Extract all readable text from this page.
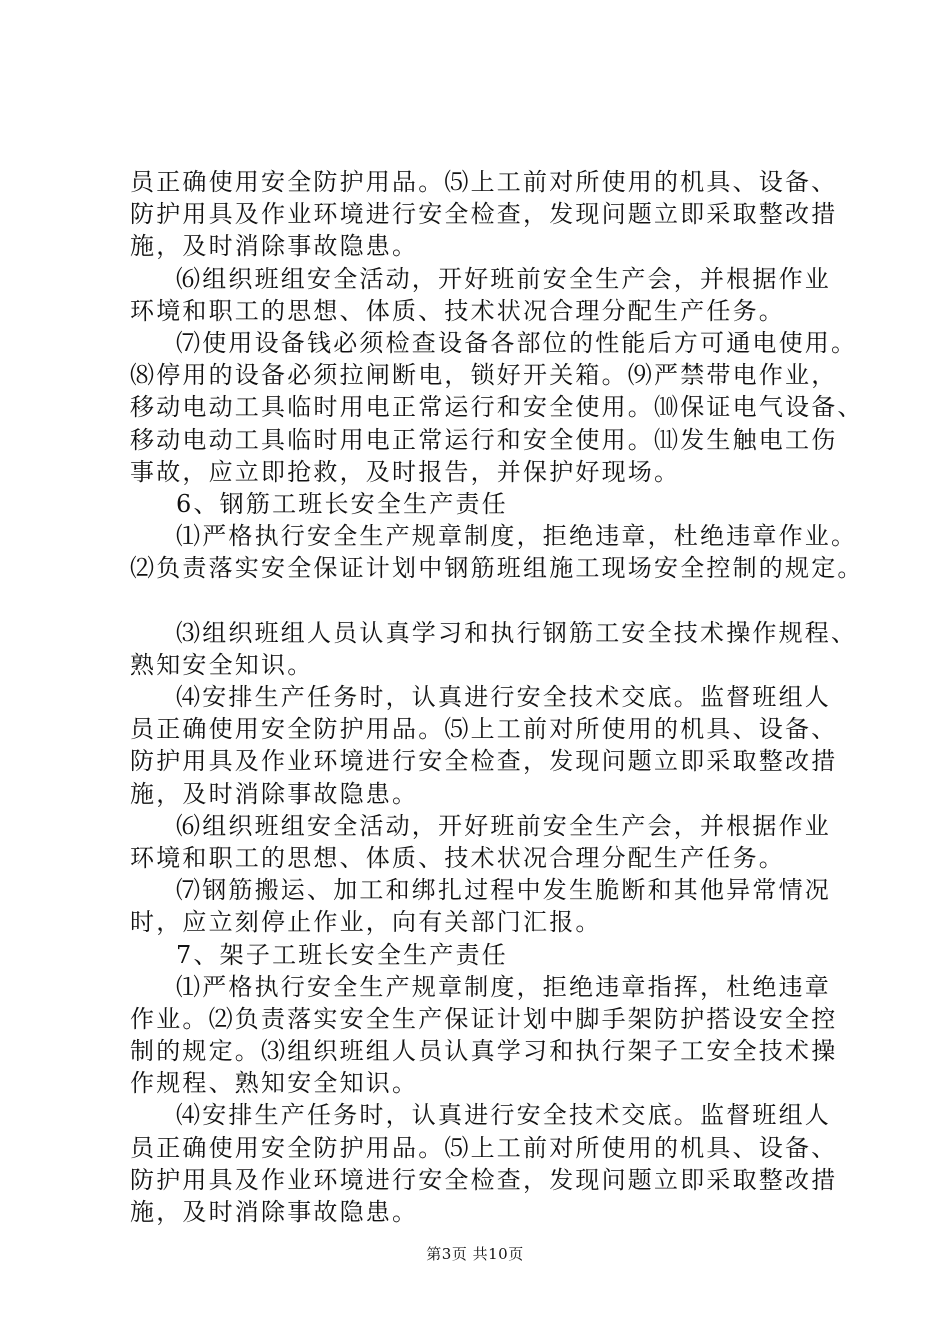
员正确使用安全防护用品。⑸上工前对所使用的机具、设备、
防护用具及作业环境进行安全检查，发现问题立即采取整改措
施，及时消除事故隐患。
⑹组织班组安全活动，开好班前安全生产会，并根据作业
环境和职工的思想、体质、技术状况合理分配生产任务。
⑺使用设备钱必须检查设备各部位的性能后方可通电使用。
⑻停用的设备必须拉闸断电，锁好开关箱。⑼严禁带电作业，
移动电动工具临时用电正常运行和安全使用。⑽保证电气设备、
移动电动工具临时用电正常运行和安全使用。⑾发生触电工伤
事故，应立即抢救，及时报告，并保护好现场。
6、钢筋工班长安全生产责任
⑴严格执行安全生产规章制度，拒绝违章，杜绝违章作业。
⑵负责落实安全保证计划中钢筋班组施工现场安全控制的规定。
⑶组织班组人员认真学习和执行钢筋工安全技术操作规程、
熟知安全知识。
⑷安排生产任务时，认真进行安全技术交底。监督班组人
员正确使用安全防护用品。⑸上工前对所使用的机具、设备、
防护用具及作业环境进行安全检查，发现问题立即采取整改措
施，及时消除事故隐患。
⑹组织班组安全活动，开好班前安全生产会，并根据作业
环境和职工的思想、体质、技术状况合理分配生产任务。
⑺钢筋搬运、加工和绑扎过程中发生脆断和其他异常情况
时，应立刻停止作业，向有关部门汇报。
7、架子工班长安全生产责任
⑴严格执行安全生产规章制度，拒绝违章指挥，杜绝违章
作业。⑵负责落实安全生产保证计划中脚手架防护搭设安全控
制的规定。⑶组织班组人员认真学习和执行架子工安全技术操
作规程、熟知安全知识。
⑷安排生产任务时，认真进行安全技术交底。监督班组人
员正确使用安全防护用品。⑸上工前对所使用的机具、设备、
防护用具及作业环境进行安全检查，发现问题立即采取整改措
施，及时消除事故隐患。
第3页 共10页
